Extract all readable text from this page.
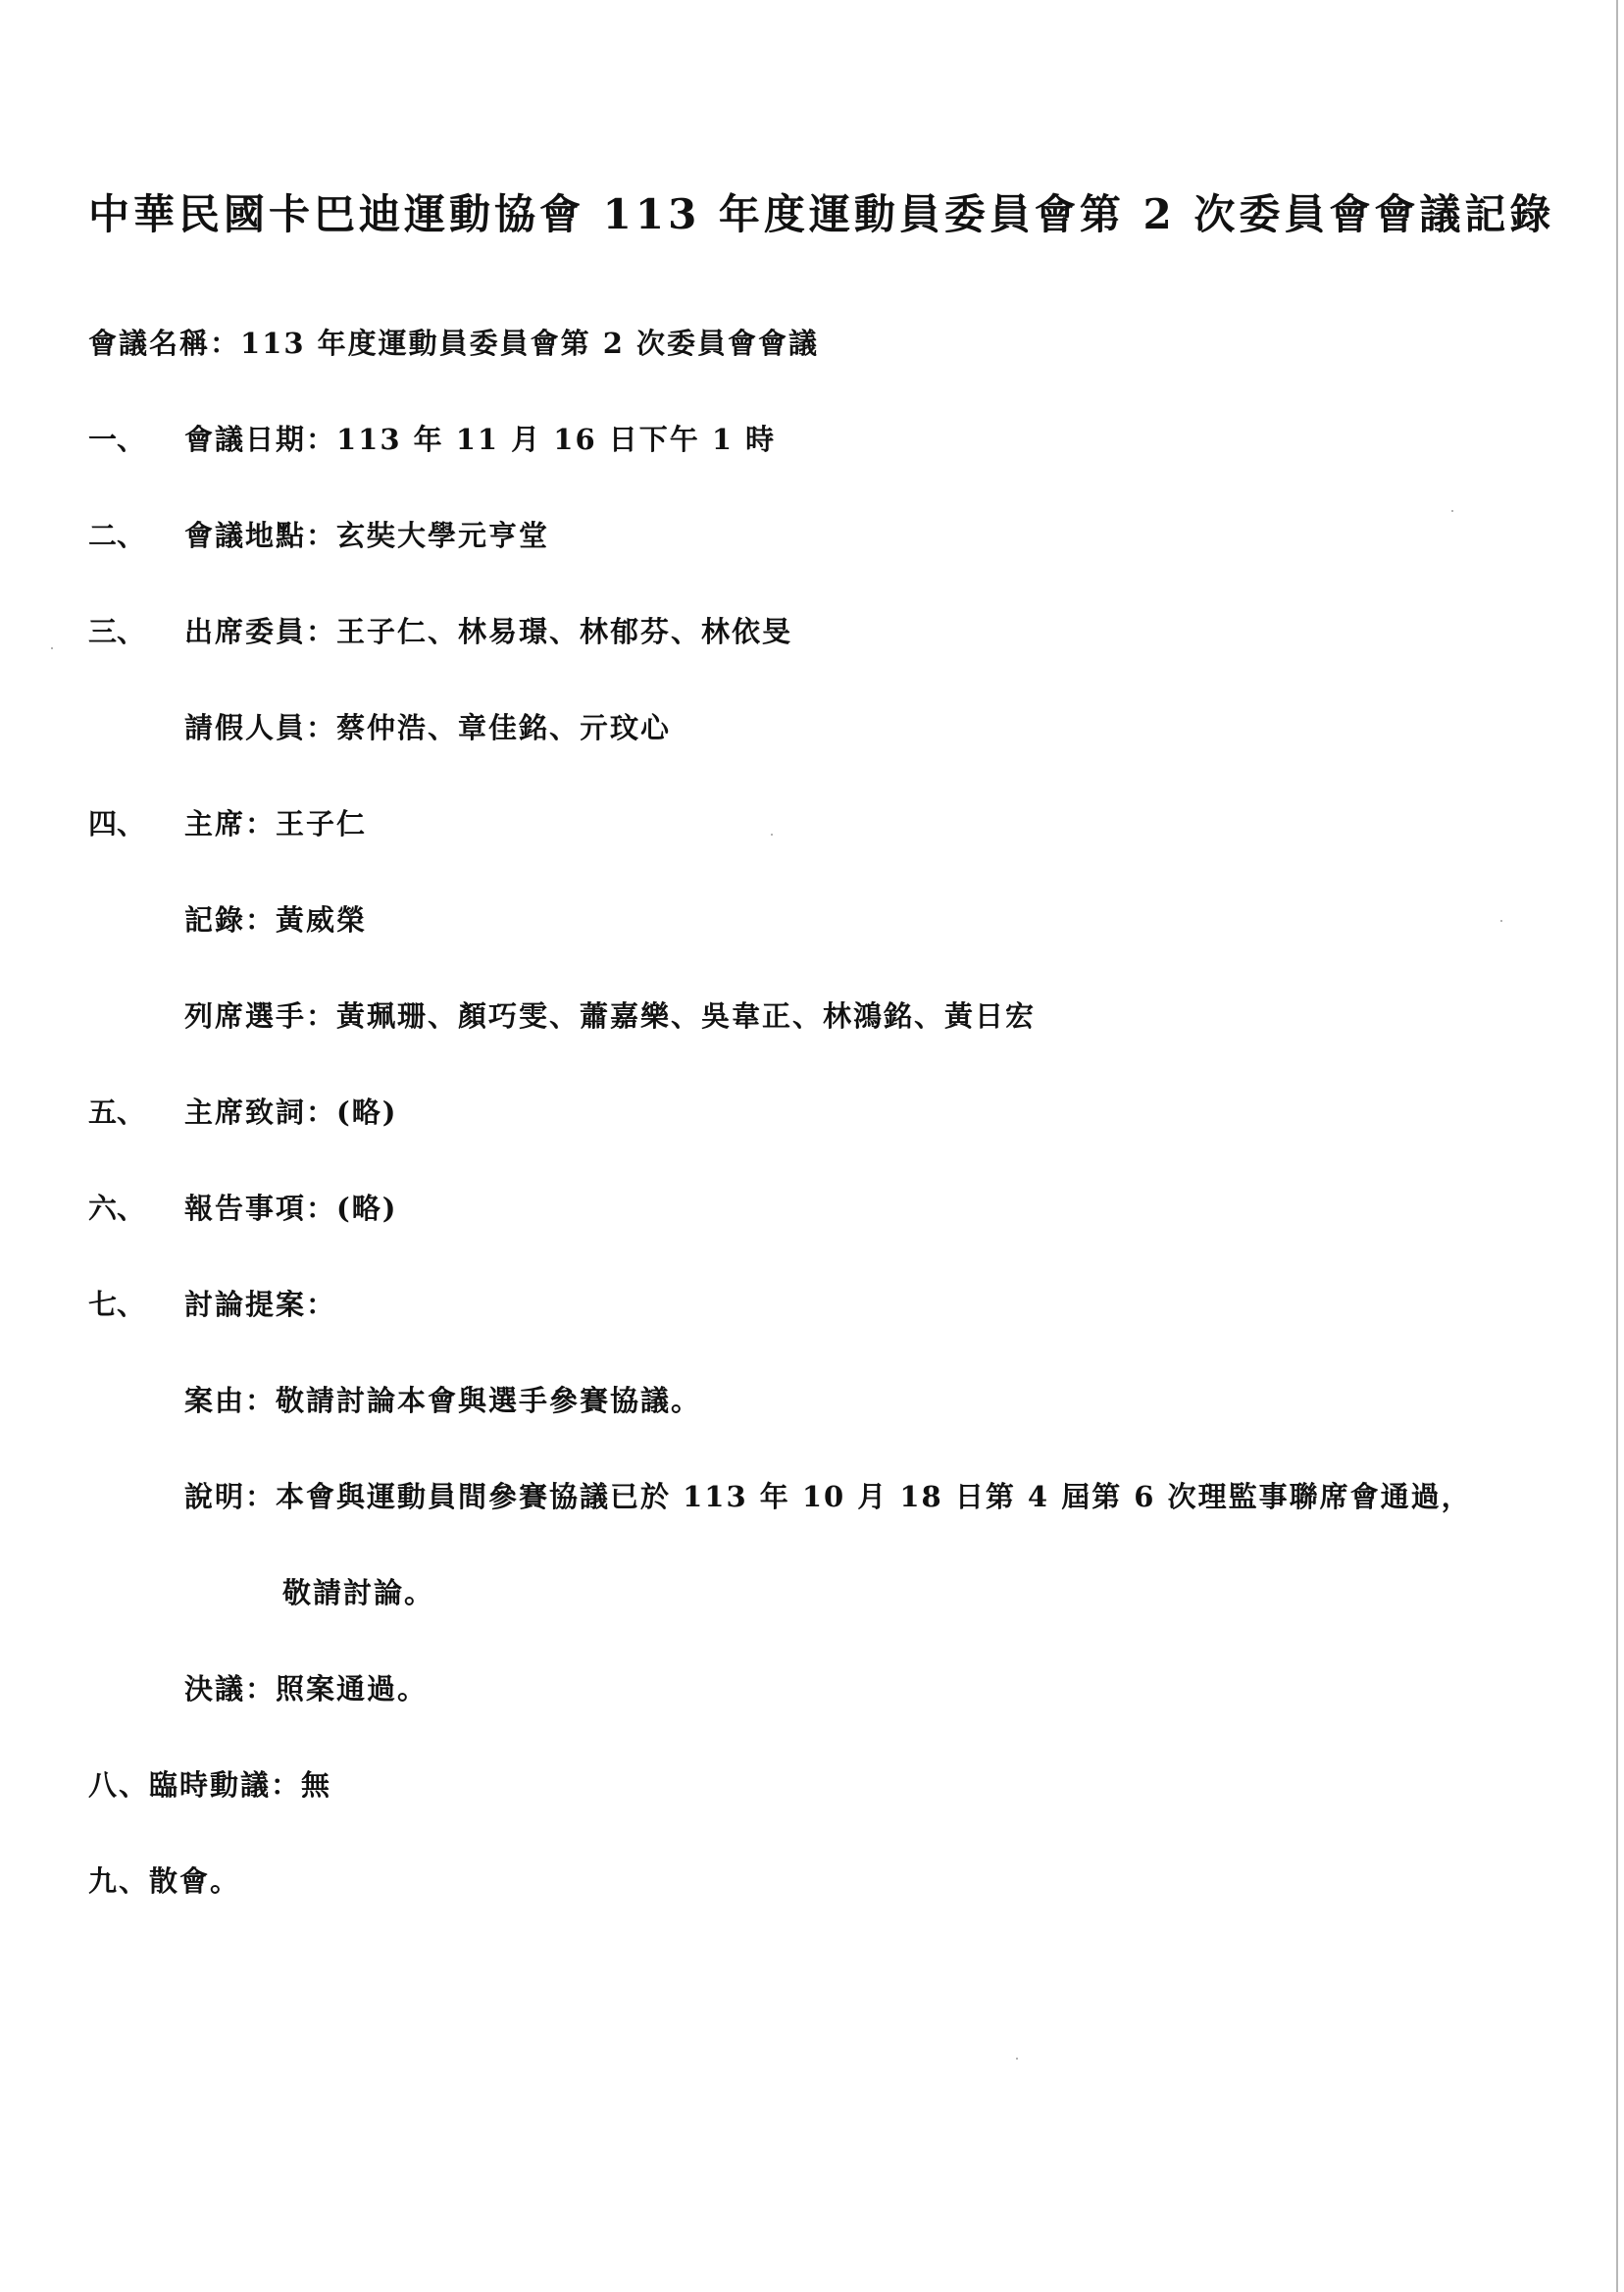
中華民國卡巴迪運動協會 113 年度運動員委員會第 2 次委員會會議記錄
會議名稱：113 年度運動員委員會第 2 次委員會會議
一、 會議日期：113 年 11 月 16 日下午 1 時
二、 會議地點：玄奘大學元亨堂
三、 出席委員：王子仁、林易璟、林郁芬、林依旻
請假人員：蔡仲浩、章佳銘、亓玟心
四、 主席：王子仁
記錄：黃威榮
列席選手：黃珮珊、顏巧雯、蕭嘉樂、吳韋正、林鴻銘、黃日宏
五、 主席致詞：(略)
六、 報告事項：(略)
七、 討論提案：
案由：敬請討論本會與選手參賽協議。
說明：本會與運動員間參賽協議已於 113 年 10 月 18 日第 4 屆第 6 次理監事聯席會通過，
敬請討論。
決議：照案通過。
八、臨時動議：無
九、散會。
